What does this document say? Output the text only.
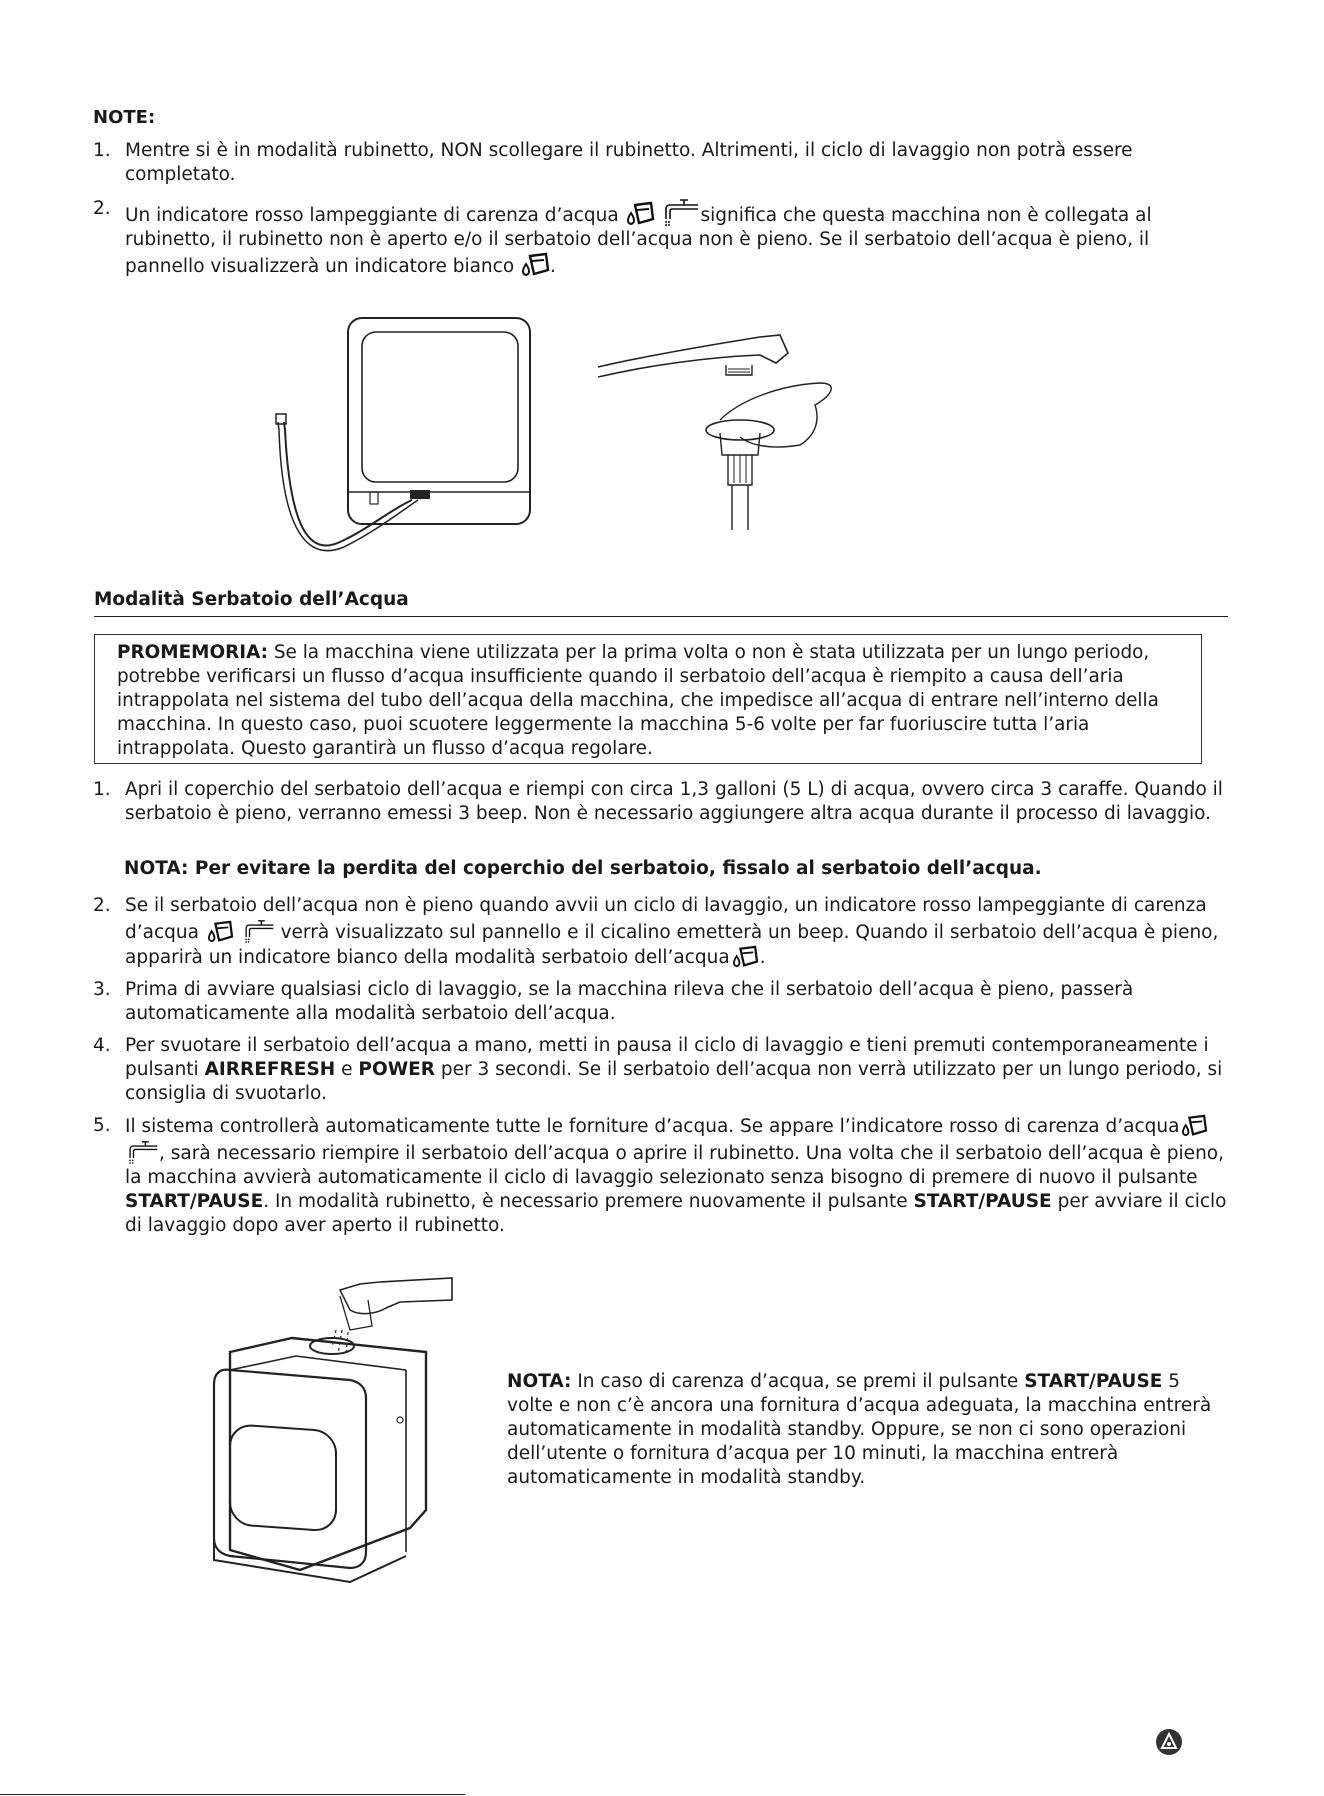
NOTE:
1. Mentre si è in modalità rubinetto, NON scollegare il rubinetto. Altrimenti, il ciclo di lavaggio non potrà essere completato.
2. Un indicatore rosso lampeggiante di carenza d’acqua
	significa che questa macchina non è collegata al rubinetto, il rubinetto non è aperto e/o il serbatoio dell’acqua non è pieno. Se il serbatoio dell’acqua è pieno, il pannello visualizzerà un indicatore bianco
.
Modalità Serbatoio dell’Acqua
PROMEMORIA: Se la macchina viene utilizzata per la prima volta o non è stata utilizzata per un lungo periodo, potrebbe verificarsi un flusso d’acqua insufficiente quando il serbatoio dell’acqua è riempito a causa dell’aria intrappolata nel sistema del tubo dell’acqua della macchina, che impedisce all’acqua di entrare nell’interno della macchina. In questo caso, puoi scuotere leggermente la macchina 5-6 volte per far fuoriuscire tutta l’aria intrappolata. Questo garantirà un flusso d’acqua regolare.
1. Apri il coperchio del serbatoio dell’acqua e riempi con circa 1,3 galloni (5 L) di acqua, ovvero circa 3 caraffe. Quando il serbatoio è pieno, verranno emessi 3 beep. Non è necessario aggiungere altra acqua durante il processo di lavaggio.
NOTA: Per evitare la perdita del coperchio del serbatoio, fissalo al serbatoio dell’acqua.
2. Se il serbatoio dell’acqua non è pieno quando avvii un ciclo di lavaggio, un indicatore rosso lampeggiante di carenza d’acqua
	verrà visualizzato sul pannello e il cicalino emetterà un beep. Quando il serbatoio dell’acqua è pieno, apparirà un indicatore bianco della modalità serbatoio dell’acqua .
3. Prima di avviare qualsiasi ciclo di lavaggio, se la macchina rileva che il serbatoio dell’acqua è pieno, passerà automaticamente alla modalità serbatoio dell’acqua.
4. Per svuotare il serbatoio dell’acqua a mano, metti in pausa il ciclo di lavaggio e tieni premuti contemporaneamente i pulsanti AIRREFRESH e POWER per 3 secondi. Se il serbatoio dell’acqua non verrà utilizzato per un lungo periodo, si consiglia di svuotarlo.
5. Il sistema controllerà automaticamente tutte le forniture d’acqua. Se appare l’indicatore rosso di carenza d’acqua

, sarà necessario riempire il serbatoio dell’acqua o aprire il rubinetto. Una volta che il serbatoio dell’acqua è pieno, la macchina avvierà automaticamente il ciclo di lavaggio selezionato senza bisogno di premere di nuovo il pulsante START/PAUSE. In modalità rubinetto, è necessario premere nuovamente il pulsante START/PAUSE per avviare il ciclo di lavaggio dopo aver aperto il rubinetto.
NOTA: In caso di carenza d’acqua, se premi il pulsante START/PAUSE 5 volte e non c’è ancora una fornitura d’acqua adeguata, la macchina entrerà automaticamente in modalità standby. Oppure, se non ci sono operazioni dell’utente o fornitura d’acqua per 10 minuti, la macchina entrerà automaticamente in modalità standby.
